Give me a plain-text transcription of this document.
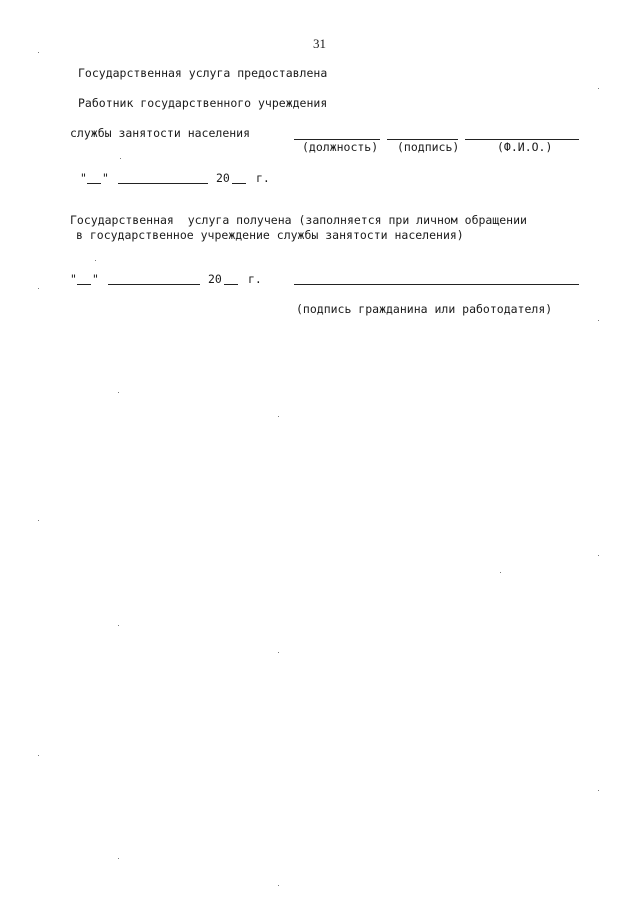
31
Государственная услуга предоставлена
Работник государственного учреждения
службы занятости населения
(должность) (подпись)	(Ф.И.О.)
" "	20 г.
Государственная  услуга получена (заполняется при личном обращении
в государственное учреждение службы занятости населения)
" "	20 г.
(подпись гражданина или работодателя)
